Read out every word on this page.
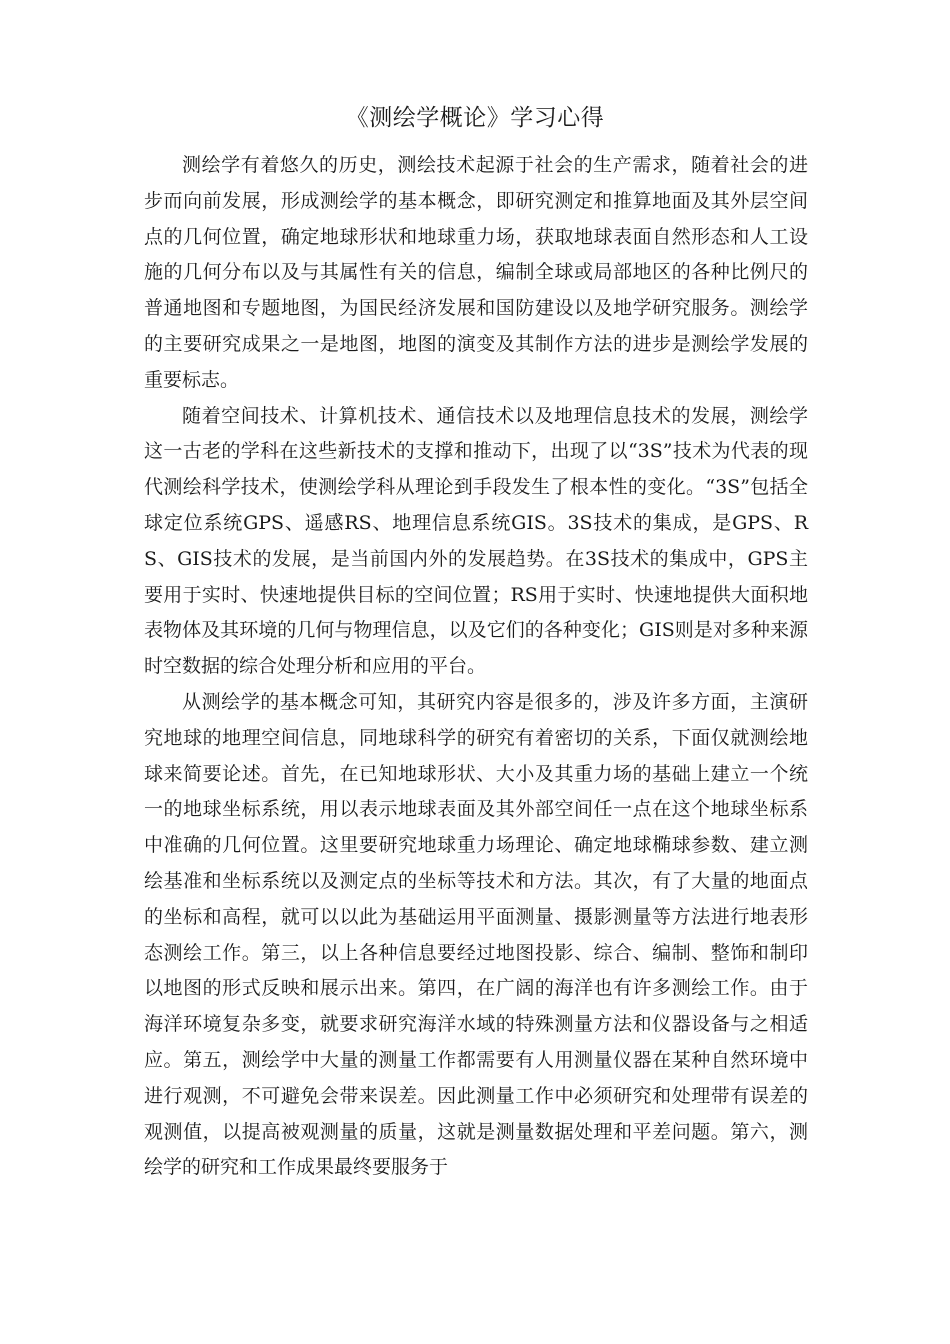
《测绘学概论》学习心得

测绘学有着悠久的历史，测绘技术起源于社会的生产需求，随着社会的进步而向前发展，形成测绘学的基本概念，即研究测定和推算地面及其外层空间点的几何位置，确定地球形状和地球重力场，获取地球表面自然形态和人工设施的几何分布以及与其属性有关的信息，编制全球或局部地区的各种比例尺的普通地图和专题地图，为国民经济发展和国防建设以及地学研究服务。测绘学的主要研究成果之一是地图，地图的演变及其制作方法的进步是测绘学发展的重要标志。

随着空间技术、计算机技术、通信技术以及地理信息技术的发展，测绘学这一古老的学科在这些新技术的支撑和推动下，出现了以“3S”技术为代表的现代测绘科学技术，使测绘学科从理论到手段发生了根本性的变化。“3S”包括全球定位系统GPS、遥感RS、地理信息系统GIS。3S技术的集成，是GPS、RS、GIS技术的发展，是当前国内外的发展趋势。在3S技术的集成中，GPS主要用于实时、快速地提供目标的空间位置；RS用于实时、快速地提供大面积地表物体及其环境的几何与物理信息，以及它们的各种变化；GIS则是对多种来源时空数据的综合处理分析和应用的平台。

从测绘学的基本概念可知，其研究内容是很多的，涉及许多方面，主演研究地球的地理空间信息，同地球科学的研究有着密切的关系，下面仅就测绘地球来简要论述。首先，在已知地球形状、大小及其重力场的基础上建立一个统一的地球坐标系统，用以表示地球表面及其外部空间任一点在这个地球坐标系中准确的几何位置。这里要研究地球重力场理论、确定地球椭球参数、建立测绘基准和坐标系统以及测定点的坐标等技术和方法。其次，有了大量的地面点的坐标和高程，就可以以此为基础运用平面测量、摄影测量等方法进行地表形态测绘工作。第三，以上各种信息要经过地图投影、综合、编制、整饰和制印以地图的形式反映和展示出来。第四，在广阔的海洋也有许多测绘工作。由于海洋环境复杂多变，就要求研究海洋水域的特殊测量方法和仪器设备与之相适应。第五，测绘学中大量的测量工作都需要有人用测量仪器在某种自然环境中进行观测，不可避免会带来误差。因此测量工作中必须研究和处理带有误差的观测值，以提高被观测量的质量，这就是测量数据处理和平差问题。第六，测绘学的研究和工作成果最终要服务于
